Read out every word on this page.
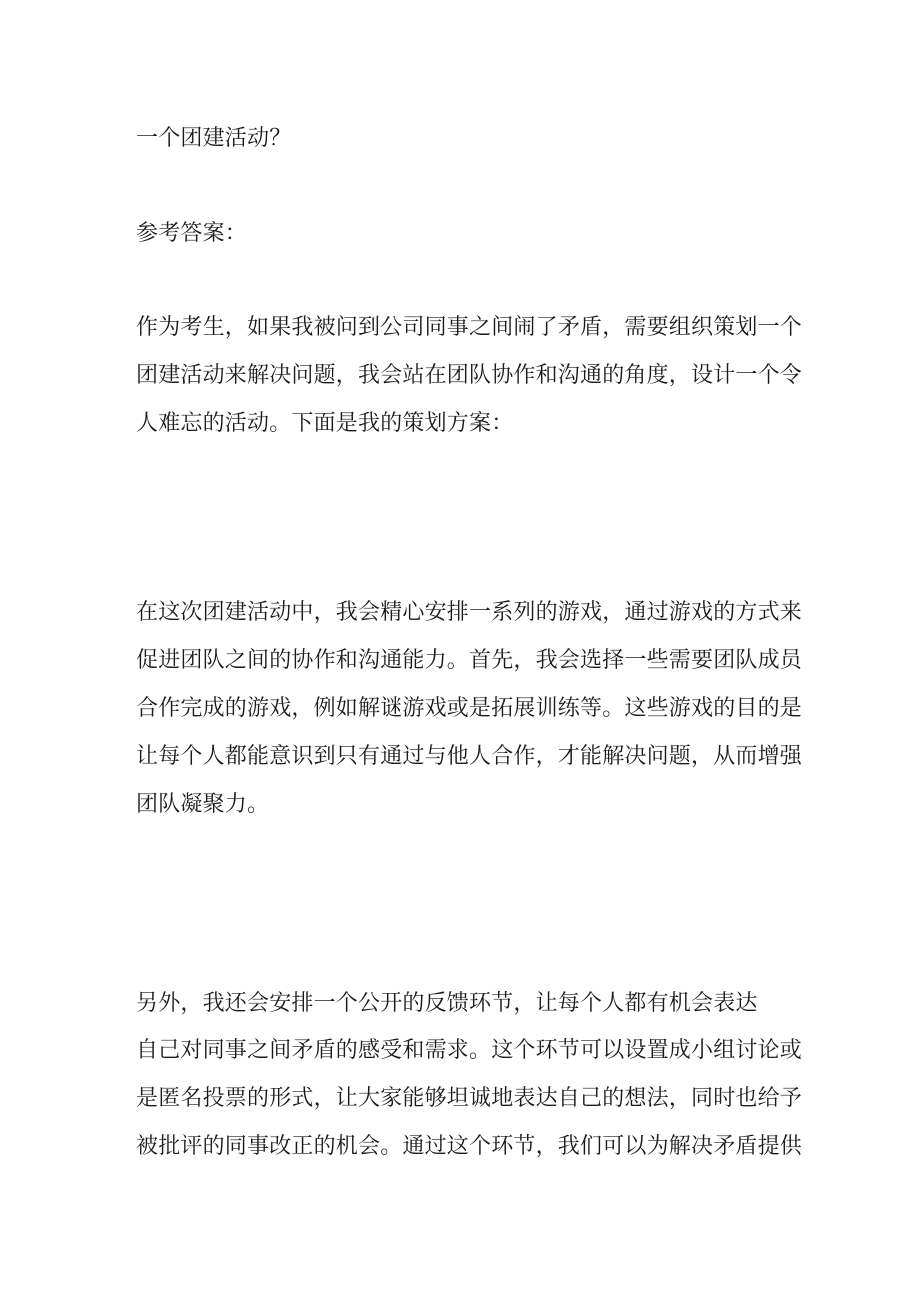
一个团建活动？
参考答案：
作为考生，如果我被问到公司同事之间闹了矛盾，需要组织策划一个
团建活动来解决问题，我会站在团队协作和沟通的角度，设计一个令
人难忘的活动。下面是我的策划方案：
在这次团建活动中，我会精心安排一系列的游戏，通过游戏的方式来
促进团队之间的协作和沟通能力。首先，我会选择一些需要团队成员
合作完成的游戏，例如解谜游戏或是拓展训练等。这些游戏的目的是
让每个人都能意识到只有通过与他人合作，才能解决问题，从而增强
团队凝聚力。
另外，我还会安排一个公开的反馈环节，让每个人都有机会表达
自己对同事之间矛盾的感受和需求。这个环节可以设置成小组讨论或
是匿名投票的形式，让大家能够坦诚地表达自己的想法，同时也给予
被批评的同事改正的机会。通过这个环节，我们可以为解决矛盾提供
